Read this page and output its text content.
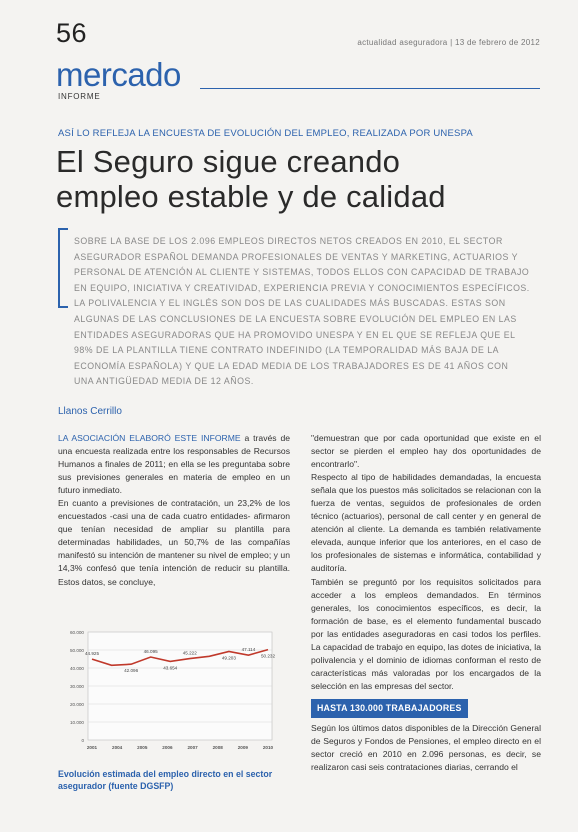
56	actualidad aseguradora | 13 de febrero de 2012
mercado
INFORME
ASÍ LO REFLEJA LA ENCUESTA DE EVOLUCIÓN DEL EMPLEO, REALIZADA POR UNESPA
El Seguro sigue creando
empleo estable y de calidad

SOBRE LA BASE DE LOS 2.096 EMPLEOS DIRECTOS NETOS CREADOS EN 2010, EL SECTOR ASEGURADOR ESPAÑOL DEMANDA PROFESIONALES DE VENTAS Y MARKETING, ACTUARIOS Y PERSONAL DE ATENCIÓN AL CLIENTE Y SISTEMAS, TODOS ELLOS CON CAPACIDAD DE TRABAJO EN EQUIPO, INICIATIVA Y CREATIVIDAD, EXPERIENCIA PREVIA Y CONOCIMIENTOS ESPECÍFICOS. LA POLIVALENCIA Y EL INGLÉS SON DOS DE LAS CUALIDADES MÁS BUSCADAS. ESTAS SON ALGUNAS DE LAS CONCLUSIONES DE LA ENCUESTA SOBRE EVOLUCIÓN DEL EMPLEO EN LAS ENTIDADES ASEGURADORAS QUE HA PROMOVIDO UNESPA Y EN EL QUE SE REFLEJA QUE EL 98% DE LA PLANTILLA TIENE CONTRATO INDEFINIDO (LA TEMPORALIDAD MÁS BAJA DE LA ECONOMÍA ESPAÑOLA) Y QUE LA EDAD MEDIA DE LOS TRABAJADORES ES DE 41 AÑOS CON UNA ANTIGÜEDAD MEDIA DE 12 AÑOS.

Llanos Cerrillo

LA ASOCIACIÓN ELABORÓ ESTE INFORME a través de una encuesta realizada entre los responsables de Recursos Humanos a finales de 2011; en ella se les preguntaba sobre sus previsiones generales en materia de empleo en un futuro inmediato.

En cuanto a previsiones de contratación, un 23,2% de los encuestados -casi una de cada cuatro entidades- afirmaron que tenían necesidad de ampliar su plantilla para determinadas habilidades, un 50,7% de las compañías manifestó su intención de mantener su nivel de empleo; y un 14,3% confesó que tenía intención de reducir su plantilla. Estos datos, se concluye,

60.000
50.000
40.000
30.000
20.000
10.000
0
2001	2004	2005	2006	2007	2008	2009	2010
44.925
42.096
46.095
43.654
45.222
49.203
47.114
50.232
Evolución estimada del empleo directo en el sector asegurador (fuente DGSFP)

"demuestran que por cada oportunidad que existe en el sector se pierden el empleo hay dos oportunidades de encontrarlo".

Respecto al tipo de habilidades demandadas, la encuesta señala que los puestos más solicitados se relacionan con la fuerza de ventas, seguidos de profesionales de orden técnico (actuarios), personal de call center y en general de atención al cliente. La demanda es también relativamente elevada, aunque inferior que los anteriores, en el caso de los profesionales de sistemas e informática, contabilidad y auditoría.

También se preguntó por los requisitos solicitados para acceder a los empleos demandados. En términos generales, los conocimientos específicos, es decir, la formación de base, es el elemento fundamental buscado por las entidades aseguradoras en casi todos los perfiles. La capacidad de trabajo en equipo, las dotes de iniciativa, la polivalencia y el dominio de idiomas conforman el resto de características más valoradas por los encargados de la selección en las empresas del sector.

HASTA 130.000 TRABAJADORES

Según los últimos datos disponibles de la Dirección General de Seguros y Fondos de Pensiones, el empleo directo en el sector creció en 2010 en 2.096 personas, es decir, se realizaron casi seis contrataciones diarias, cerrando el
